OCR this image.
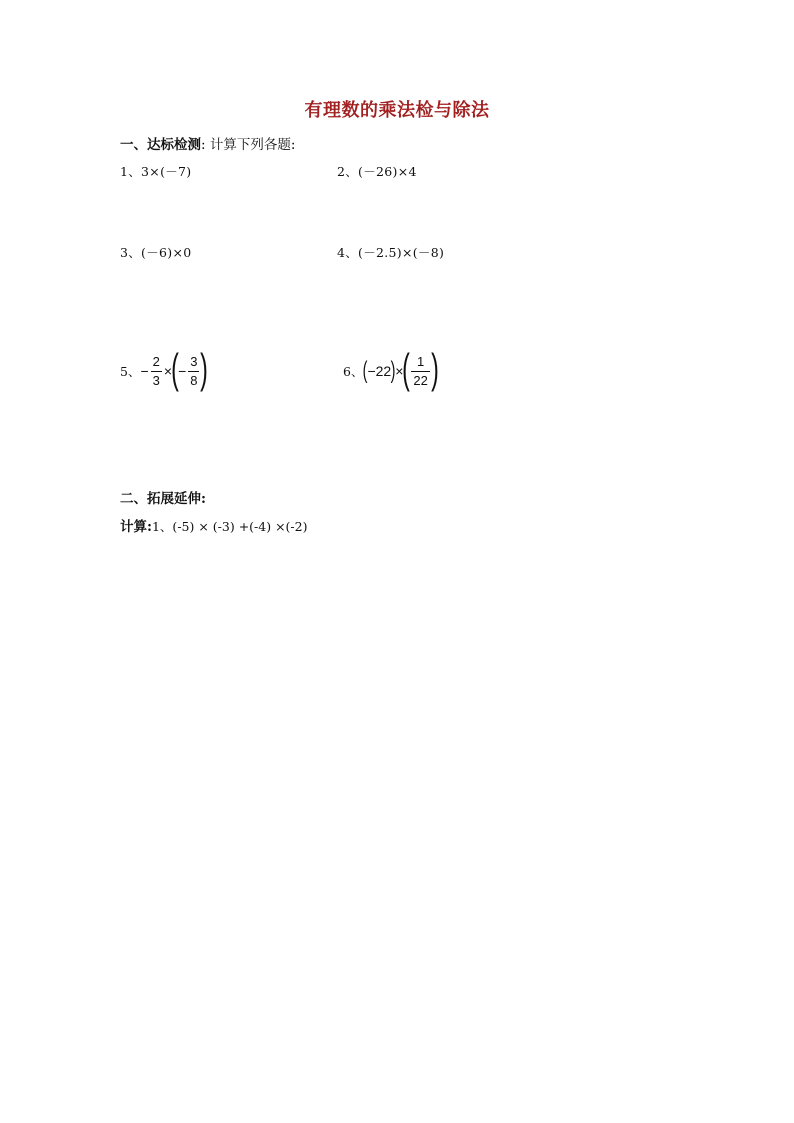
有理数的乘法检与除法
一、达标检测: 计算下列各题:
1、3×(－7)	2、(－26)×4
3、(－6)×0	4、(－2.5)×(－8)
5、 − $\frac{2}{3}$ × ( − $\frac{3}{8}$ )	6、 ( −22 ) × ( $\frac{1}{22}$ )
二、拓展延伸:
计算:1、(-5) × (-3) +(-4) ×(-2)
